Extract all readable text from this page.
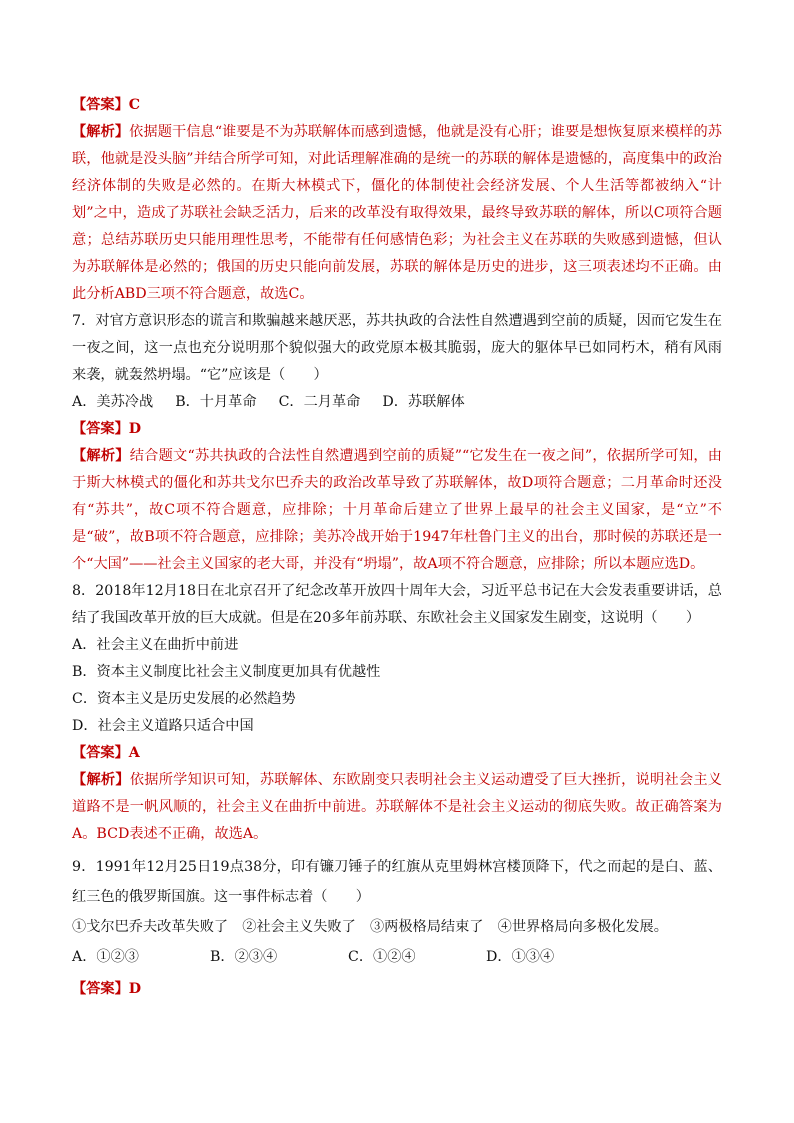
【答案】C
【解析】依据题干信息“谁要是不为苏联解体而感到遗憾，他就是没有心肝；谁要是想恢复原来模样的苏联，他就是没头脑”并结合所学可知，对此话理解准确的是统一的苏联的解体是遗憾的，高度集中的政治经济体制的失败是必然的。在斯大林模式下，僵化的体制使社会经济发展、个人生活等都被纳入“计划”之中，造成了苏联社会缺乏活力，后来的改革没有取得效果，最终导致苏联的解体，所以C项符合题意；总结苏联历史只能用理性思考，不能带有任何感情色彩；为社会主义在苏联的失败感到遗憾，但认为苏联解体是必然的；俄国的历史只能向前发展，苏联的解体是历史的进步，这三项表述均不正确。由此分析ABD三项不符合题意，故选C。
7．对官方意识形态的谎言和欺骗越来越厌恶，苏共执政的合法性自然遭遇到空前的质疑，因而它发生在一夜之间，这一点也充分说明那个貌似强大的政党原本极其脆弱，庞大的躯体早已如同朽木，稍有风雨来袭，就轰然坍塌。“它”应该是（　　）
A．美苏冷战 B．十月革命 C．二月革命 D．苏联解体
【答案】D
【解析】结合题文“苏共执政的合法性自然遭遇到空前的质疑”“它发生在一夜之间”，依据所学可知，由于斯大林模式的僵化和苏共戈尔巴乔夫的政治改革导致了苏联解体，故D项符合题意；二月革命时还没有“苏共”，故C项不符合题意，应排除；十月革命后建立了世界上最早的社会主义国家，是“立”不是“破”，故B项不符合题意，应排除；美苏冷战开始于1947年杜鲁门主义的出台，那时候的苏联还是一个“大国”——社会主义国家的老大哥，并没有“坍塌”，故A项不符合题意，应排除；所以本题应选D。
8．2018年12月18日在北京召开了纪念改革开放四十周年大会，习近平总书记在大会发表重要讲话，总结了我国改革开放的巨大成就。但是在20多年前苏联、东欧社会主义国家发生剧变，这说明（　　）
A．社会主义在曲折中前进
B．资本主义制度比社会主义制度更加具有优越性
C．资本主义是历史发展的必然趋势
D．社会主义道路只适合中国
【答案】A
【解析】依据所学知识可知，苏联解体、东欧剧变只表明社会主义运动遭受了巨大挫折，说明社会主义道路不是一帆风顺的，社会主义在曲折中前进。苏联解体不是社会主义运动的彻底失败。故正确答案为A。BCD表述不正确，故选A。
9．1991年12月25日19点38分，印有镰刀锤子的红旗从克里姆林宫楼顶降下，代之而起的是白、蓝、红三色的俄罗斯国旗。这一事件标志着（　　）
①戈尔巴乔夫改革失败了　②社会主义失败了　③两极格局结束了　④世界格局向多极化发展。
A．①②③	B．②③④	C．①②④	D．①③④
【答案】D
